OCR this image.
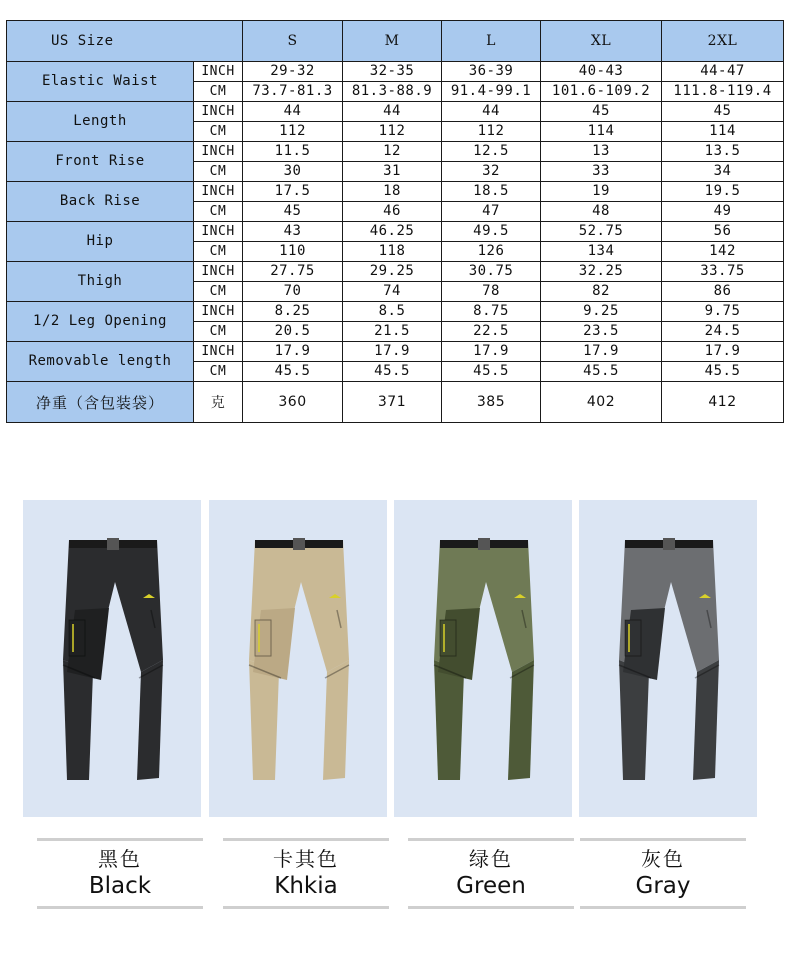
US Size		S	M	L	XL	2XL
Elastic Waist	INCH	29-32	32-35	36-39	40-43	44-47
	CM	73.7-81.3	81.3-88.9	91.4-99.1	101.6-109.2	111.8-119.4
Length	INCH	44	44	44	45	45
	CM	112	112	112	114	114
Front Rise	INCH	11.5	12	12.5	13	13.5
	CM	30	31	32	33	34
Back Rise	INCH	17.5	18	18.5	19	19.5
	CM	45	46	47	48	49
Hip	INCH	43	46.25	49.5	52.75	56
	CM	110	118	126	134	142
Thigh	INCH	27.75	29.25	30.75	32.25	33.75
	CM	70	74	78	82	86
1/2 Leg Opening	INCH	8.25	8.5	8.75	9.25	9.75
	CM	20.5	21.5	22.5	23.5	24.5
Removable length	INCH	17.9	17.9	17.9	17.9	17.9
	CM	45.5	45.5	45.5	45.5	45.5
净重（含包装袋）	克	360	371	385	402	412
黑色
Black
卡其色
Khkia
绿色
Green
灰色
Gray
